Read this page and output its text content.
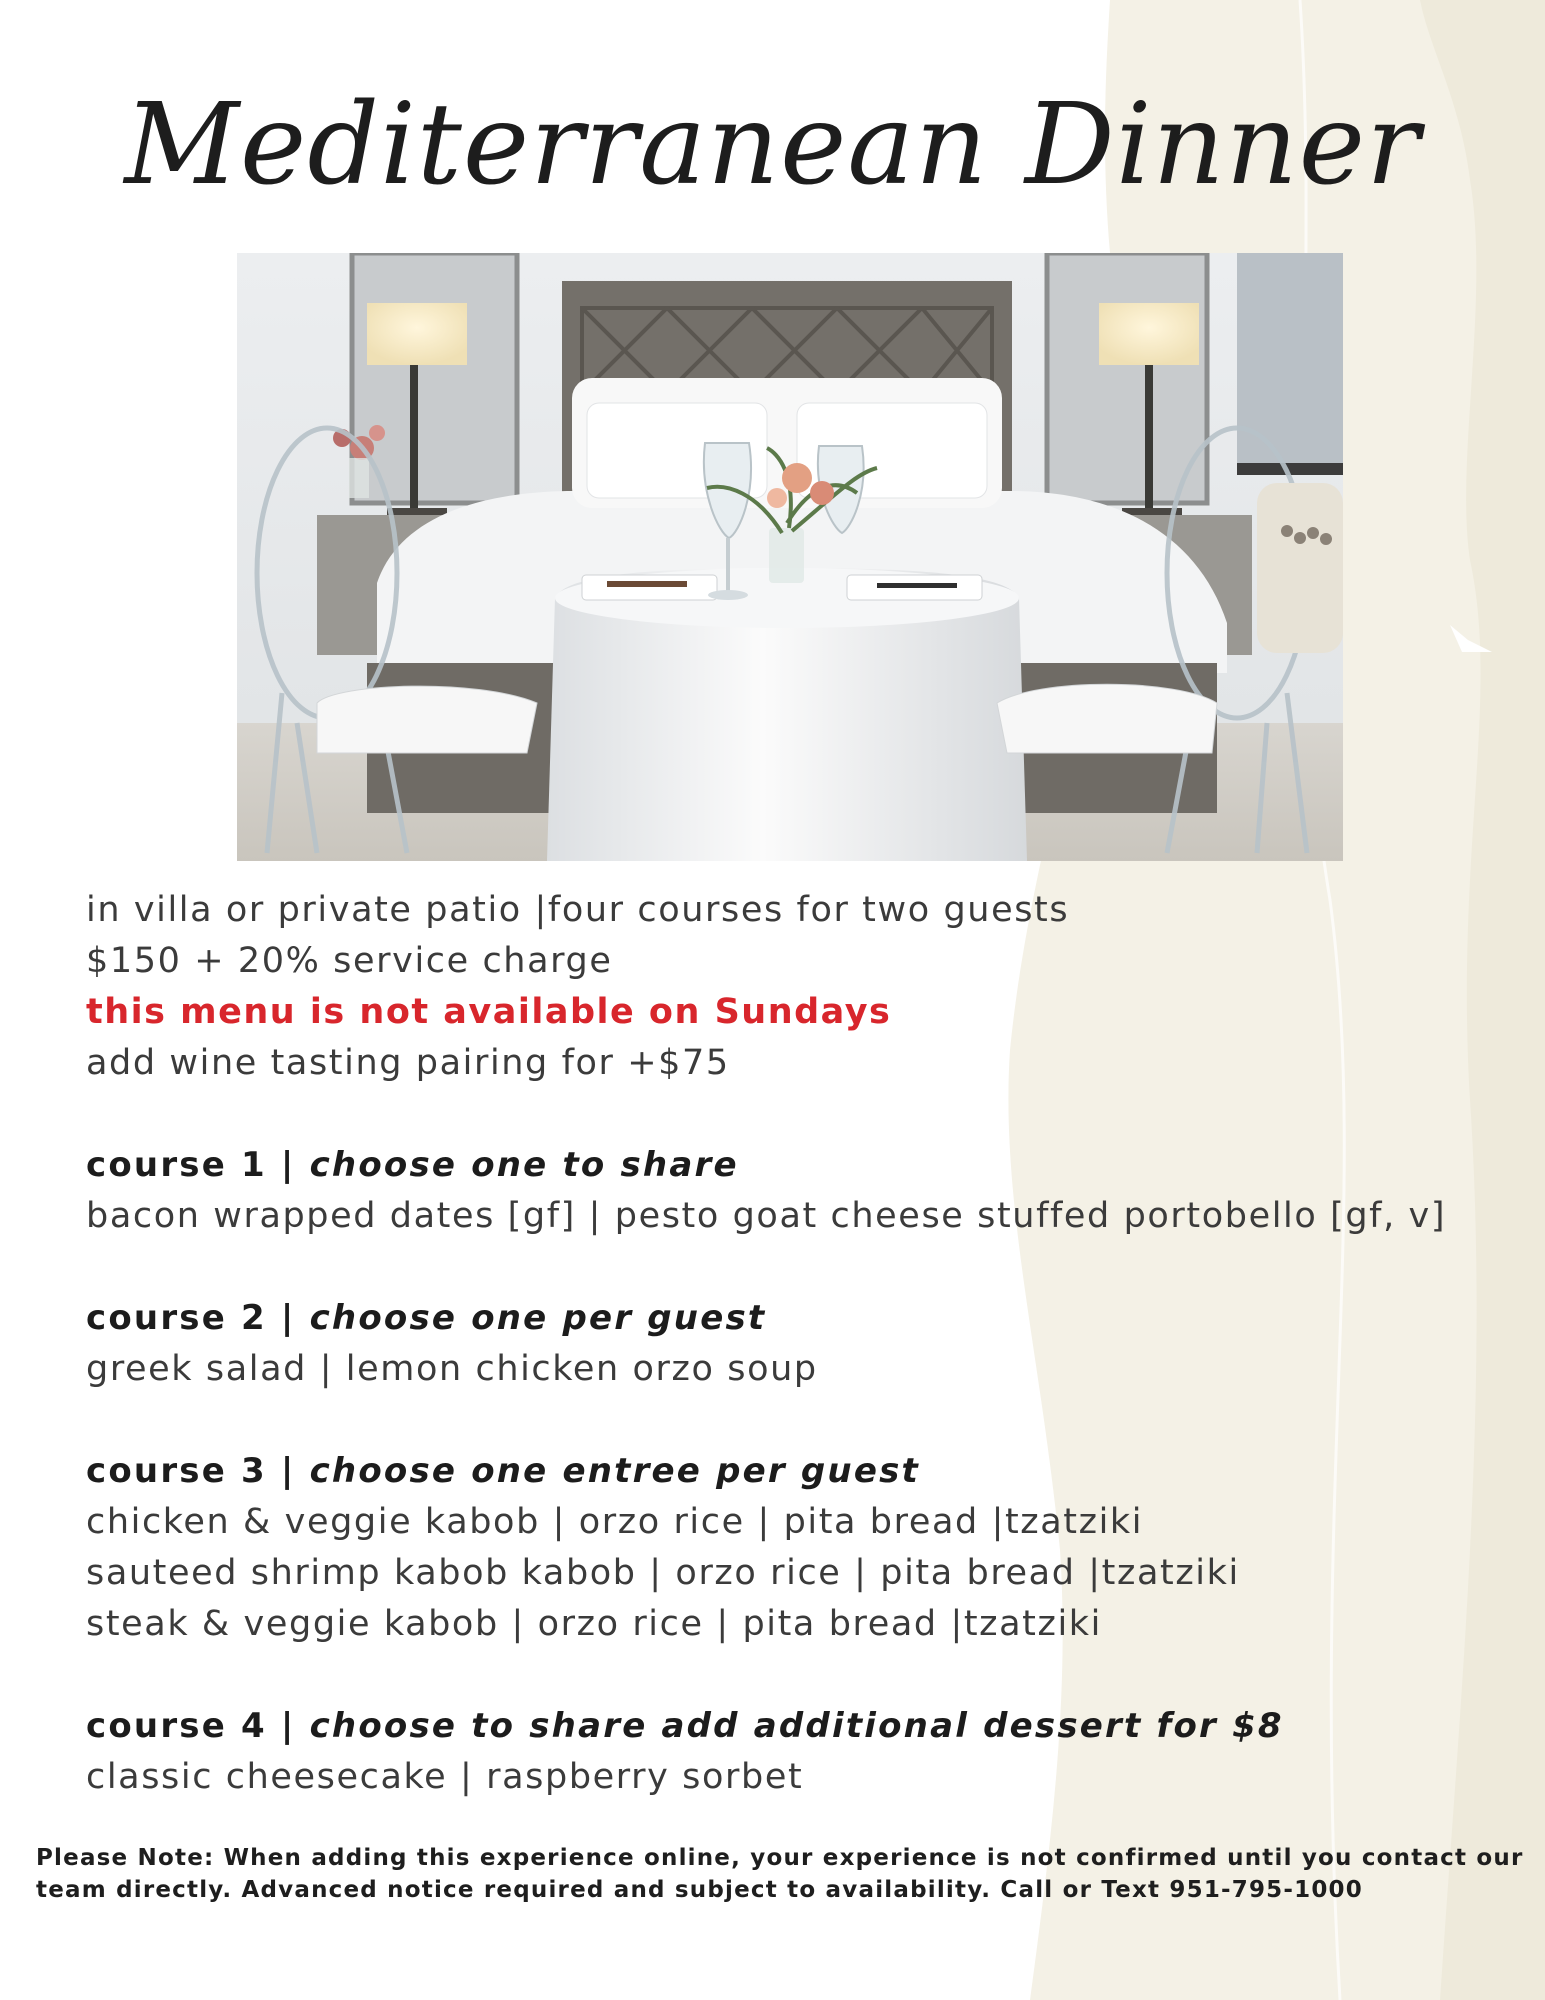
Mediterranean Dinner
in villa or private patio |four courses for two guests
$150 + 20% service charge
this menu is not available on Sundays
add wine tasting pairing for +$75
course 1 | choose one to share
bacon wrapped dates [gf] | pesto goat cheese stuffed portobello [gf, v]
course 2 | choose one per guest
greek salad | lemon chicken orzo soup
course 3 | choose one entree per guest
chicken & veggie kabob | orzo rice | pita bread |tzatziki
sauteed shrimp kabob kabob | orzo rice | pita bread |tzatziki
steak & veggie kabob | orzo rice | pita bread |tzatziki
course 4 | choose to share add additional dessert for $8
classic cheesecake | raspberry sorbet
Please Note: When adding this experience online, your experience is not confirmed until you contact our team directly. Advanced notice required and subject to availability. Call or Text 951-795-1000
